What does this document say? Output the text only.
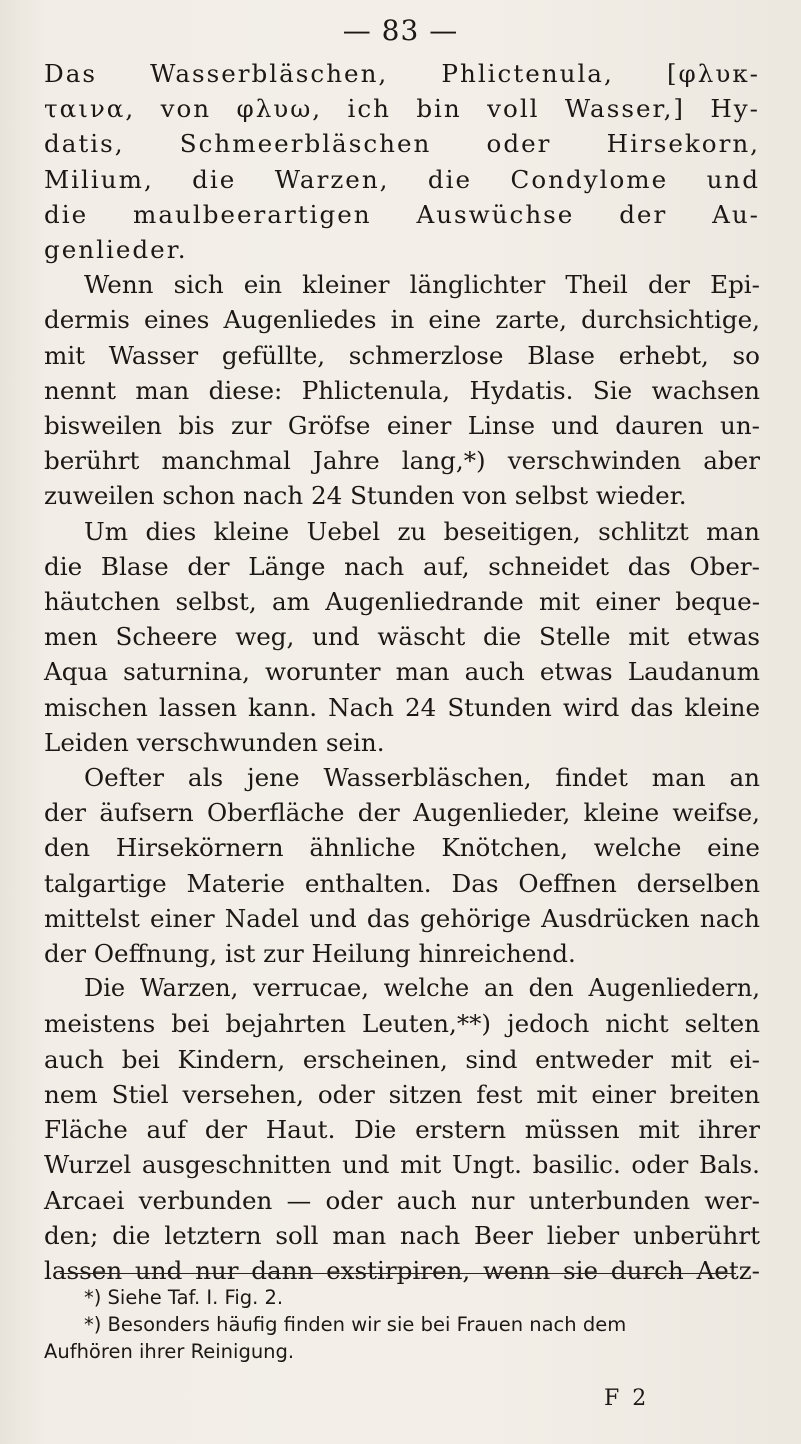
— 83 —
Das Wasserbläschen, Phlictenula, [φλυκ-
ταινα, von φλυω, ich bin voll Wasser,] Hy-
datis, Schmeerbläschen oder Hirsekorn,
Milium, die Warzen, die Condylome und
die maulbeerartigen Auswüchse der Au-
genlieder.
Wenn sich ein kleiner länglichter Theil der Epi-
dermis eines Augenliedes in eine zarte, durchsichtige,
mit Wasser gefüllte, schmerzlose Blase erhebt, so
nennt man diese: Phlictenula, Hydatis. Sie wachsen
bisweilen bis zur Gröfse einer Linse und dauren un-
berührt manchmal Jahre lang,*) verschwinden aber
zuweilen schon nach 24 Stunden von selbst wieder.
Um dies kleine Uebel zu beseitigen, schlitzt man
die Blase der Länge nach auf, schneidet das Ober-
häutchen selbst, am Augenliedrande mit einer beque-
men Scheere weg, und wäscht die Stelle mit etwas
Aqua saturnina, worunter man auch etwas Laudanum
mischen lassen kann. Nach 24 Stunden wird das kleine
Leiden verschwunden sein.
Oefter als jene Wasserbläschen, findet man an
der äufsern Oberfläche der Augenlieder, kleine weifse,
den Hirsekörnern ähnliche Knötchen, welche eine
talgartige Materie enthalten. Das Oeffnen derselben
mittelst einer Nadel und das gehörige Ausdrücken nach
der Oeffnung, ist zur Heilung hinreichend.
Die Warzen, verrucae, welche an den Augenliedern,
meistens bei bejahrten Leuten,**) jedoch nicht selten
auch bei Kindern, erscheinen, sind entweder mit ei-
nem Stiel versehen, oder sitzen fest mit einer breiten
Fläche auf der Haut. Die erstern müssen mit ihrer
Wurzel ausgeschnitten und mit Ungt. basilic. oder Bals.
Arcaei verbunden — oder auch nur unterbunden wer-
den; die letztern soll man nach Beer lieber unberührt
lassen und nur dann exstirpiren, wenn sie durch Aetz-
*) Siehe Taf. I. Fig. 2.
*) Besonders häufig finden wir sie bei Frauen nach dem
Aufhören ihrer Reinigung.
F 2
